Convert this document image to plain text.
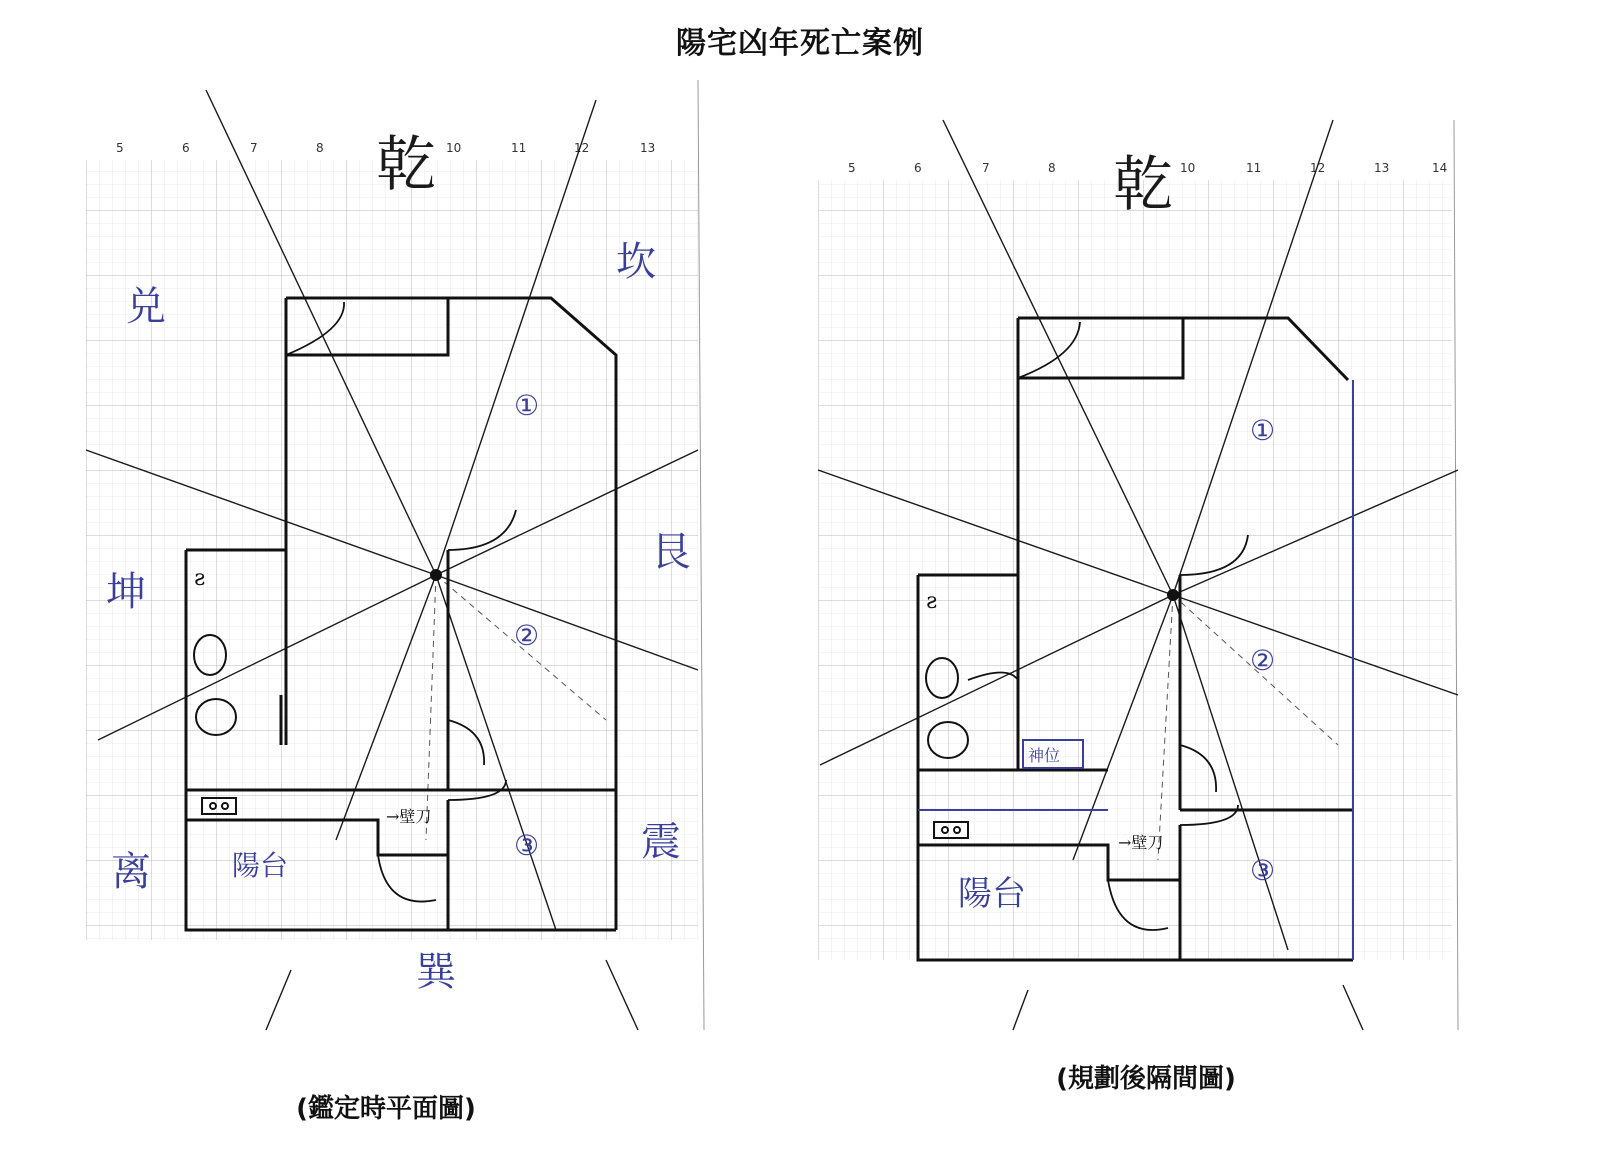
陽宅凶年死亡案例
5	6	7	8	10	11	12	13
ƨ
乾
兑
坎
坤
艮
离
震
巽
①
②
③
陽台
→壁刀
5	6	7	8	10	11	12	13	14
ƨ
乾
①
②
③
陽台
神位
→壁刀
(鑑定時平面圖)
(規劃後隔間圖)
